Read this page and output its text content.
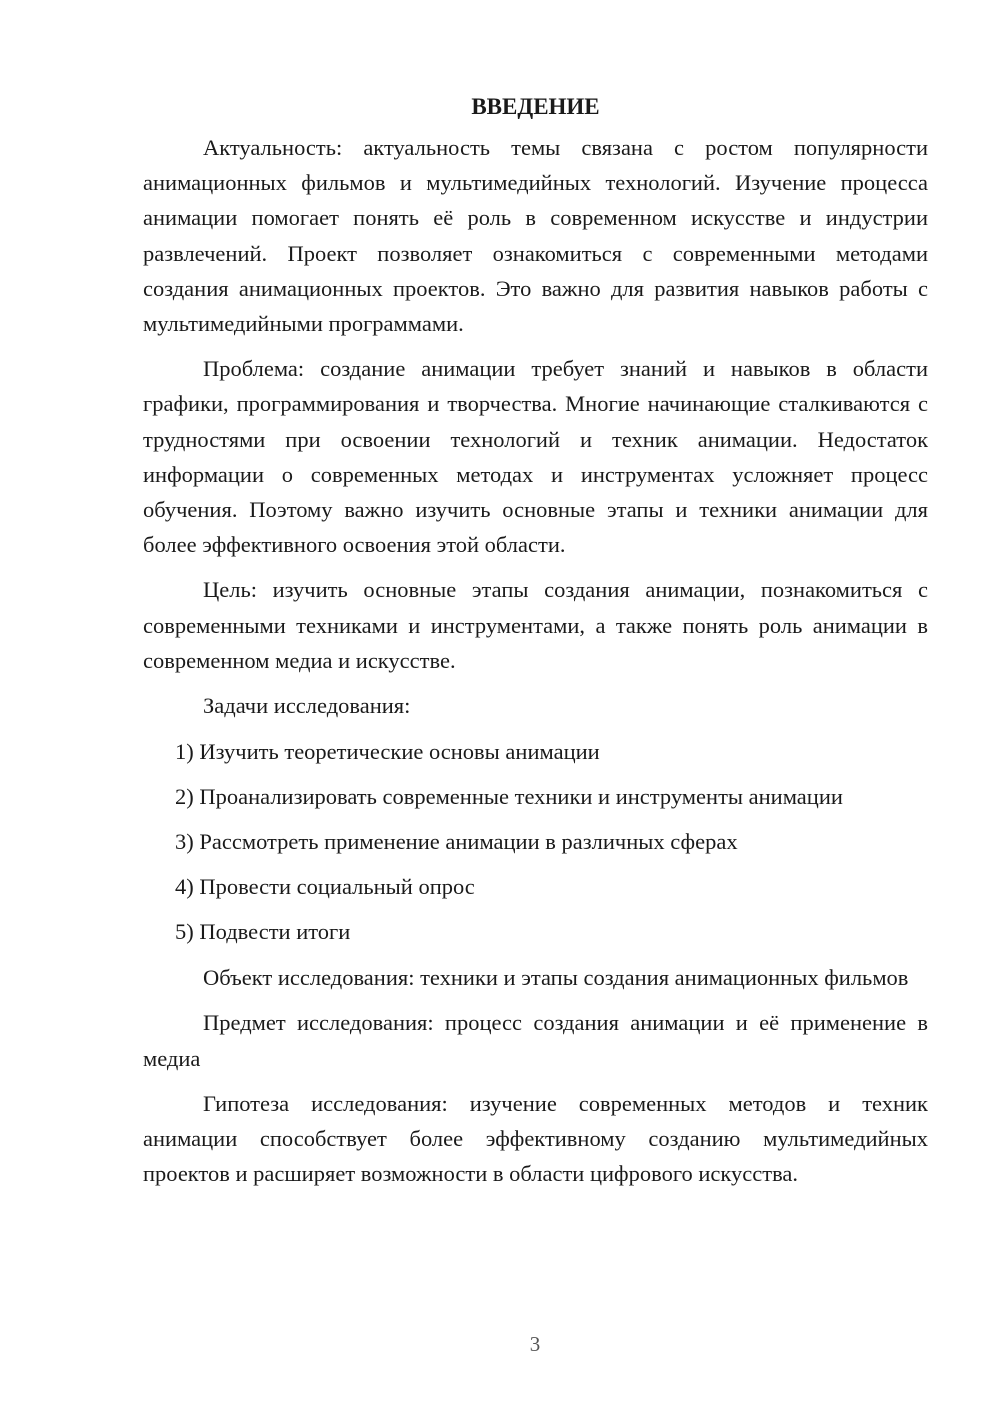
ВВЕДЕНИЕ

Актуальность: актуальность темы связана с ростом популярности анимационных фильмов и мультимедийных технологий. Изучение процесса анимации помогает понять её роль в современном искусстве и индустрии развлечений. Проект позволяет ознакомиться с современными методами создания анимационных проектов. Это важно для развития навыков работы с мультимедийными программами.

Проблема: создание анимации требует знаний и навыков в области графики, программирования и творчества. Многие начинающие сталкиваются с трудностями при освоении технологий и техник анимации. Недостаток информации о современных методах и инструментах усложняет процесс обучения. Поэтому важно изучить основные этапы и техники анимации для более эффективного освоения этой области.

Цель: изучить основные этапы создания анимации, познакомиться с современными техниками и инструментами, а также понять роль анимации в современном медиа и искусстве.

Задачи исследования:

1) Изучить теоретические основы анимации
2) Проанализировать современные техники и инструменты анимации
3) Рассмотреть применение анимации в различных сферах
4) Провести социальный опрос
5) Подвести итоги

Объект исследования: техники и этапы создания анимационных фильмов

Предмет исследования: процесс создания анимации и её применение в медиа

Гипотеза исследования: изучение современных методов и техник анимации способствует более эффективному созданию мультимедийных проектов и расширяет возможности в области цифрового искусства.

3
